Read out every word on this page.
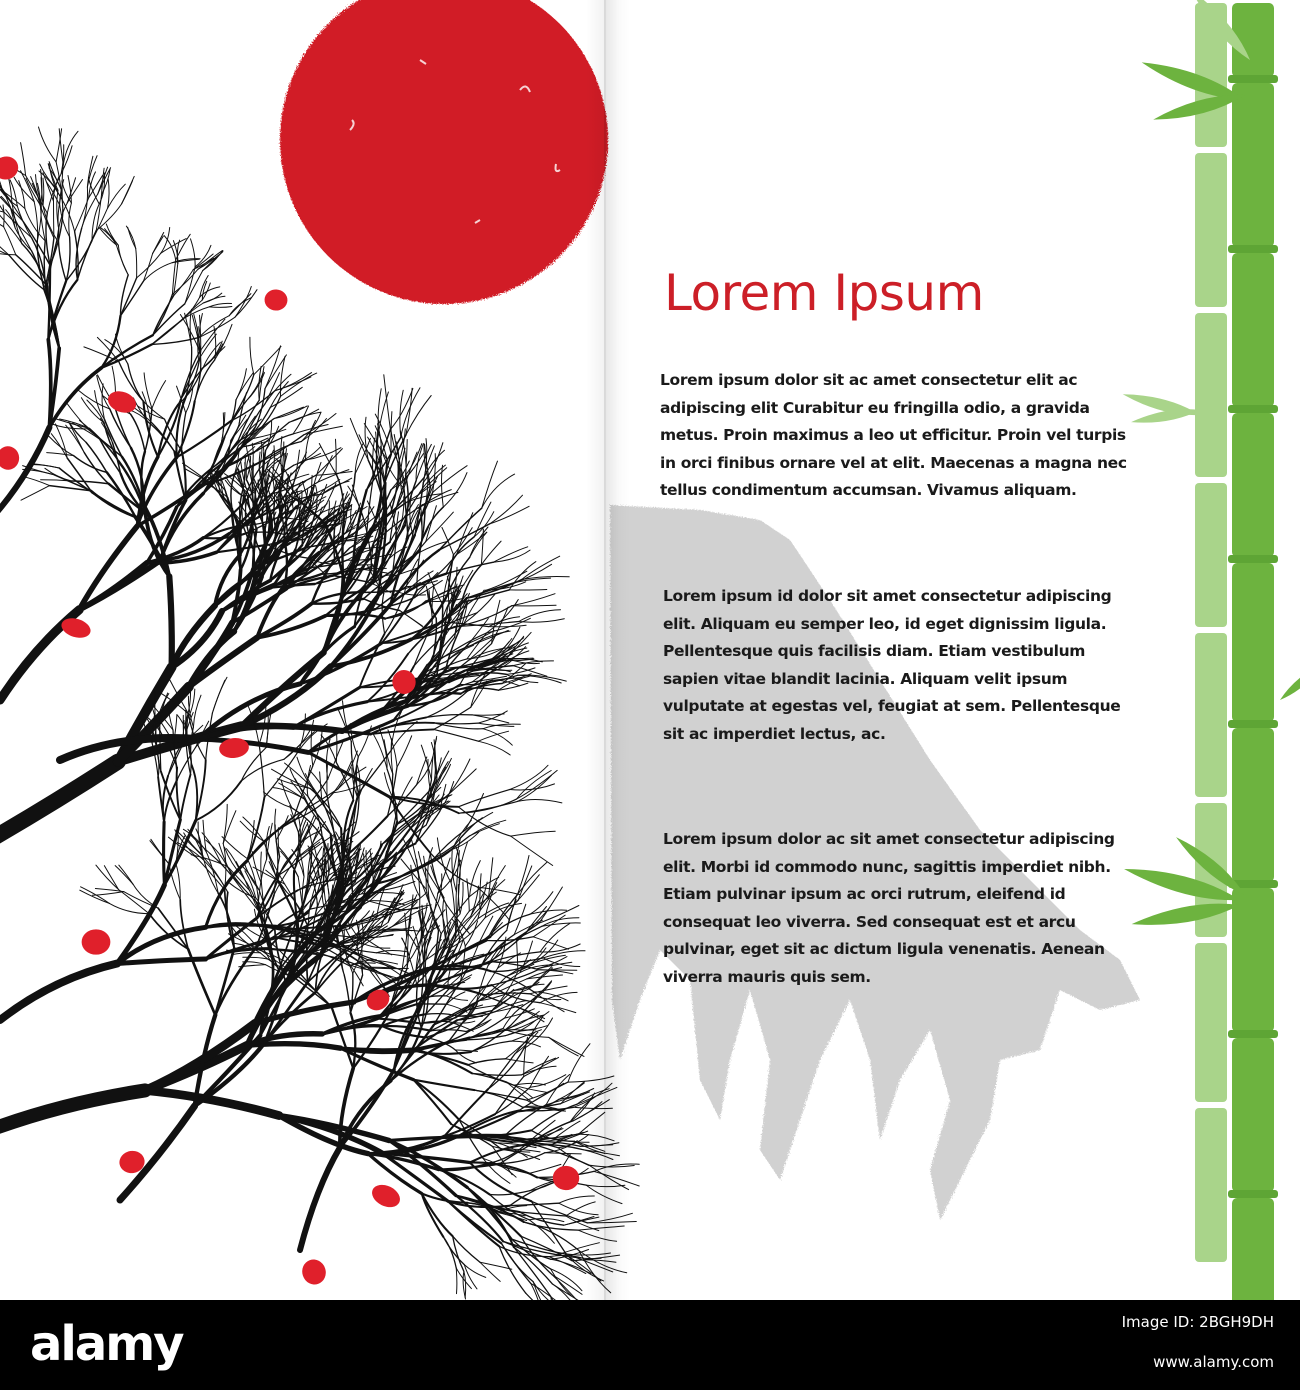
Lorem Ipsum

Lorem ipsum dolor sit ac amet consectetur elit ac adipiscing elit Curabitur eu fringilla odio, a gravida metus. Proin maximus a leo ut efficitur. Proin vel turpis in orci finibus ornare vel at elit. Maecenas a magna nec tellus condimentum accumsan. Vivamus aliquam.

Lorem ipsum id dolor sit amet consectetur adipiscing elit. Aliquam eu semper leo, id eget dignissim ligula. Pellentesque quis facilisis diam. Etiam vestibulum sapien vitae blandit lacinia. Aliquam velit ipsum vulputate at egestas vel, feugiat at sem. Pellentesque sit ac imperdiet lectus, ac.

Lorem ipsum dolor ac sit amet consectetur adipiscing elit. Morbi id commodo nunc, sagittis imperdiet nibh. Etiam pulvinar ipsum ac orci rutrum, eleifend id consequat leo viverra. Sed consequat est et arcu pulvinar, eget sit ac dictum ligula venenatis. Aenean viverra mauris quis sem.

alamy	Image ID: 2BGH9DH

www.alamy.com
